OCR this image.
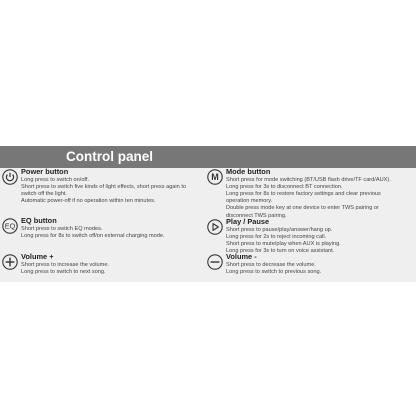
Control panel
Power button
Long press to switch on/off.
Short press to switch five kinds of light effects, short press again to
switch off the light.
Automatic power-off if no operation within ten minutes.
EQ
EQ button
Short press to switch EQ modes.
Long press for 8s to switch off/on external charging mode.
Volume +
Short press to increase the volume.
Long press to switch to next song.
M
Mode button
Short press for mode switching (BT/USB flash drive/TF card/AUX).
Long press for 3s to disconnect BT connection.
Long press for 8s to restore factory settings and clear previous
operation memory.
Double press mode key at one device to enter TWS pairing or
disconnect TWS pairing.
Play / Pause
Short press to pause/play/answer/hang up.
Long press for 2s to reject incoming call.
Short press to mute/play when AUX is playing.
Long press for 3s to turn on voice assistant.
Volume -
Short press to decrease the volume.
Long press to switch to previous song.
